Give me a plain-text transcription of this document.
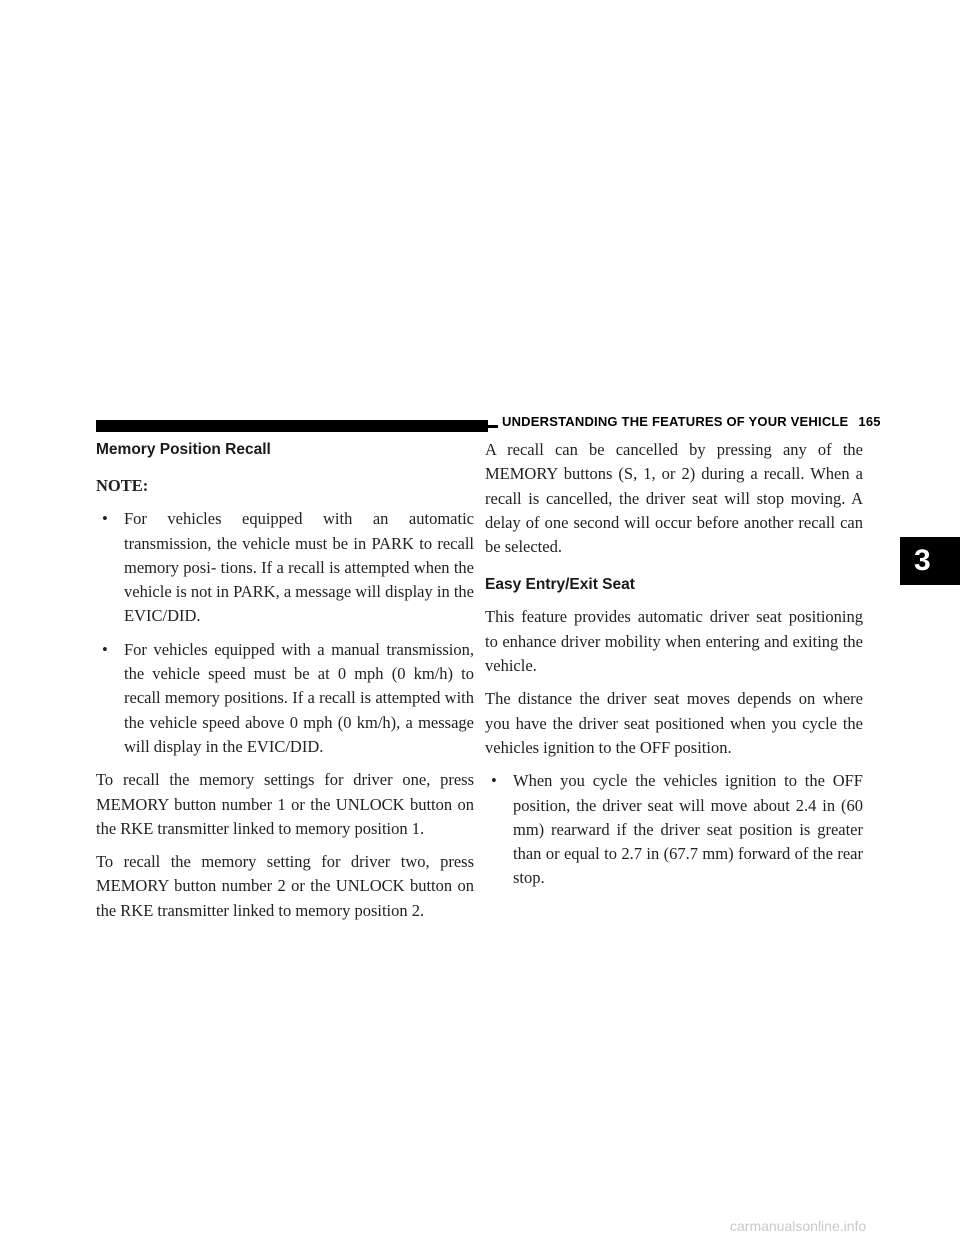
UNDERSTANDING THE FEATURES OF YOUR VEHICLE 165
Memory Position Recall
NOTE:
• For vehicles equipped with an automatic transmission, the vehicle must be in PARK to recall memory posi- tions. If a recall is attempted when the vehicle is not in PARK, a message will display in the EVIC/DID.
• For vehicles equipped with a manual transmission, the vehicle speed must be at 0 mph (0 km/h) to recall memory positions. If a recall is attempted with the vehicle speed above 0 mph (0 km/h), a message will display in the EVIC/DID.

To recall the memory settings for driver one, press MEMORY button number 1 or the UNLOCK button on the RKE transmitter linked to memory position 1.

To recall the memory setting for driver two, press MEMORY button number 2 or the UNLOCK button on the RKE transmitter linked to memory position 2.

A recall can be cancelled by pressing any of the MEMORY buttons (S, 1, or 2) during a recall. When a recall is cancelled, the driver seat will stop moving. A delay of one second will occur before another recall can be selected.

Easy Entry/Exit Seat

This feature provides automatic driver seat positioning to enhance driver mobility when entering and exiting the vehicle.

The distance the driver seat moves depends on where you have the driver seat positioned when you cycle the vehicles ignition to the OFF position.

• When you cycle the vehicles ignition to the OFF position, the driver seat will move about 2.4 in (60 mm) rearward if the driver seat position is greater than or equal to 2.7 in (67.7 mm) forward of the rear stop.
3
carmanualsonline.info
